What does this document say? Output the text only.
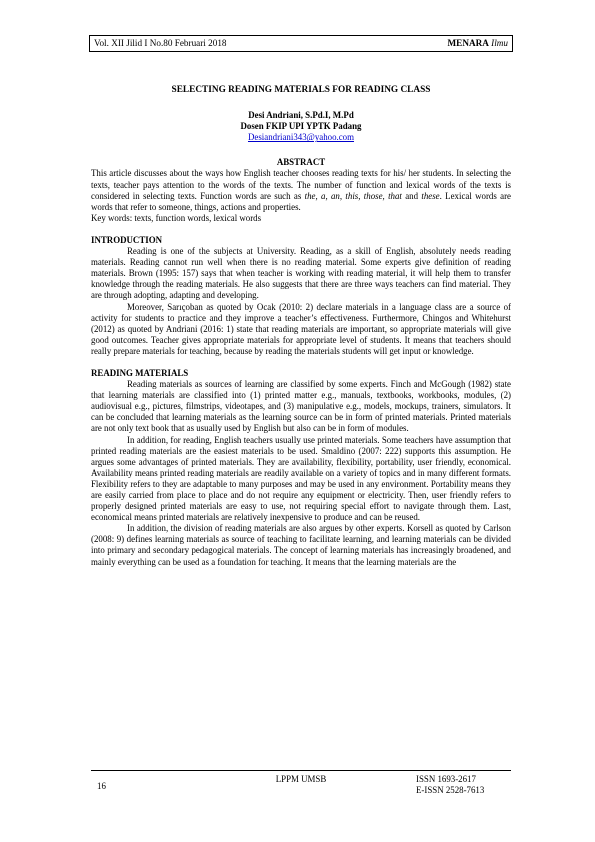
Vol. XII Jilid I No.80 Februari 2018	MENARA Ilmu
SELECTING READING MATERIALS FOR READING CLASS
Desi Andriani, S.Pd.I, M.Pd
Dosen FKIP UPI YPTK Padang
Desiandriani343@yahoo.com
ABSTRACT

This article discusses about the ways how English teacher chooses reading texts for his/ her students. In selecting the texts, teacher pays attention to the words of the texts. The number of function and lexical words of the texts is considered in selecting texts. Function words are such as the, a, an, this, those, that and these. Lexical words are words that refer to someone, things, actions and properties.

Key words: texts, function words, lexical words

INTRODUCTION

Reading is one of the subjects at University. Reading, as a skill of English, absolutely needs reading materials. Reading cannot run well when there is no reading material. Some experts give definition of reading materials. Brown (1995: 157) says that when teacher is working with reading material, it will help them to transfer knowledge through the reading materials. He also suggests that there are three ways teachers can find material. They are through adopting, adapting and developing.

Moreover, Sarıçoban as quoted by Ocak (2010: 2) declare materials in a language class are a source of activity for students to practice and they improve a teacher’s effectiveness. Furthermore, Chingos and Whitehurst (2012) as quoted by Andriani (2016: 1) state that reading materials are important, so appropriate materials will give good outcomes. Teacher gives appropriate materials for appropriate level of students. It means that teachers should really prepare materials for teaching, because by reading the materials students will get input or knowledge.

READING MATERIALS

Reading materials as sources of learning are classified by some experts. Finch and McGough (1982) state that learning materials are classified into (1) printed matter e.g., manuals, textbooks, workbooks, modules, (2) audiovisual e.g., pictures, filmstrips, videotapes, and (3) manipulative e.g., models, mockups, trainers, simulators. It can be concluded that learning materials as the learning source can be in form of printed materials. Printed materials are not only text book that as usually used by English but also can be in form of modules.

In addition, for reading, English teachers usually use printed materials. Some teachers have assumption that printed reading materials are the easiest materials to be used. Smaldino (2007: 222) supports this assumption. He argues some advantages of printed materials. They are availability, flexibility, portability, user friendly, economical. Availability means printed reading materials are readily available on a variety of topics and in many different formats. Flexibility refers to they are adaptable to many purposes and may be used in any environment. Portability means they are easily carried from place to place and do not require any equipment or electricity. Then, user friendly refers to properly designed printed materials are easy to use, not requiring special effort to navigate through them. Last, economical means printed materials are relatively inexpensive to produce and can be reused.

In addition, the division of reading materials are also argues by other experts. Korsell as quoted by Carlson (2008: 9) defines learning materials as source of teaching to facilitate learning, and learning materials can be divided into primary and secondary pedagogical materials. The concept of learning materials has increasingly broadened, and mainly everything can be used as a foundation for teaching. It means that the learning materials are the

16
LPPM UMSB	ISSN 1693-2617
E-ISSN 2528-7613
